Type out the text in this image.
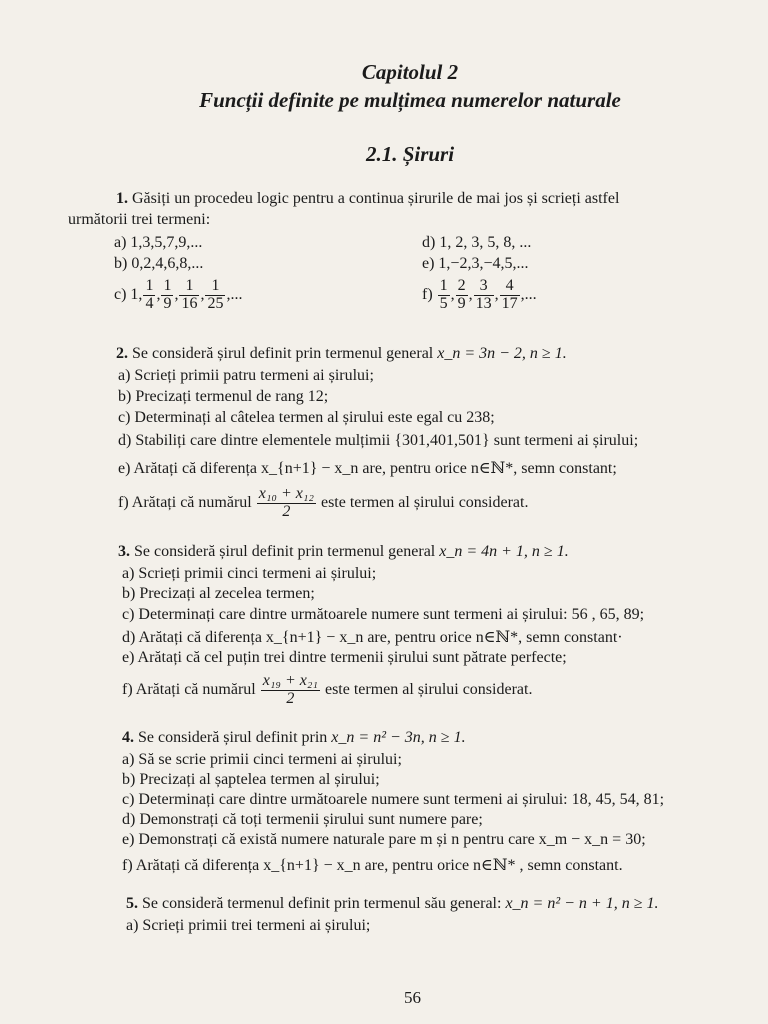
Capitolul 2
Funcții definite pe mulțimea numerelor naturale
2.1. Șiruri
1. Găsiți un procedeu logic pentru a continua șirurile de mai jos și scrieți astfel
următorii trei termeni:
a) 1,3,5,7,9,...
b) 0,2,4,6,8,...
d) 1, 2, 3, 5, 8, ...
e) 1,−2,3,−4,5,...
c) 1, $\frac{1}{4}$ , $\frac{1}{9}$ , $\frac{1}{16}$ , $\frac{1}{25}$ ,...	$f) \frac{1}{5}$ , $\frac{2}{9}$ , $\frac{3}{13}$ , $\frac{4}{17}$ ,...
2. Se consideră șirul definit prin termenul general x_n = 3n − 2, n ≥ 1.
a) Scrieți primii patru termeni ai șirului;
b) Precizați termenul de rang 12;
c) Determinați al câtelea termen al șirului este egal cu 238;
d) Stabiliți care dintre elementele mulțimii {301,401,501} sunt termeni ai șirului;
e) Arătați că diferența x_{n+1} − x_n are, pentru orice n∈ℕ*, semn constant;
f) Arătați că numărul $\frac{\text{x₁₀ + x₁₂}}{2}$ este termen al șirului considerat.
3. Se consideră șirul definit prin termenul general x_n = 4n + 1, n ≥ 1.
a) Scrieți primii cinci termeni ai șirului;
b) Precizați al zecelea termen;
c) Determinați care dintre următoarele numere sunt termeni ai șirului: 56 , 65, 89;
d) Arătați că diferența x_{n+1} − x_n are, pentru orice n∈ℕ*, semn constant·
e) Arătați că cel puțin trei dintre termenii șirului sunt pătrate perfecte;
f) Arătați că numărul $\frac{\text{x₁₉ + x₂₁}}{2}$ este termen al șirului considerat.
4. Se consideră șirul definit prin x_n = n² − 3n, n ≥ 1.
a) Să se scrie primii cinci termeni ai șirului;
b) Precizați al șaptelea termen al șirului;
c) Determinați care dintre următoarele numere sunt termeni ai șirului: 18, 45, 54, 81;
d) Demonstrați că toți termenii șirului sunt numere pare;
e) Demonstrați că există numere naturale pare m și n pentru care x_m − x_n = 30;
f) Arătați că diferența x_{n+1} − x_n are, pentru orice n∈ℕ* , semn constant.
5. Se consideră termenul definit prin termenul său general: x_n = n² − n + 1, n ≥ 1.
a) Scrieți primii trei termeni ai șirului;
56
